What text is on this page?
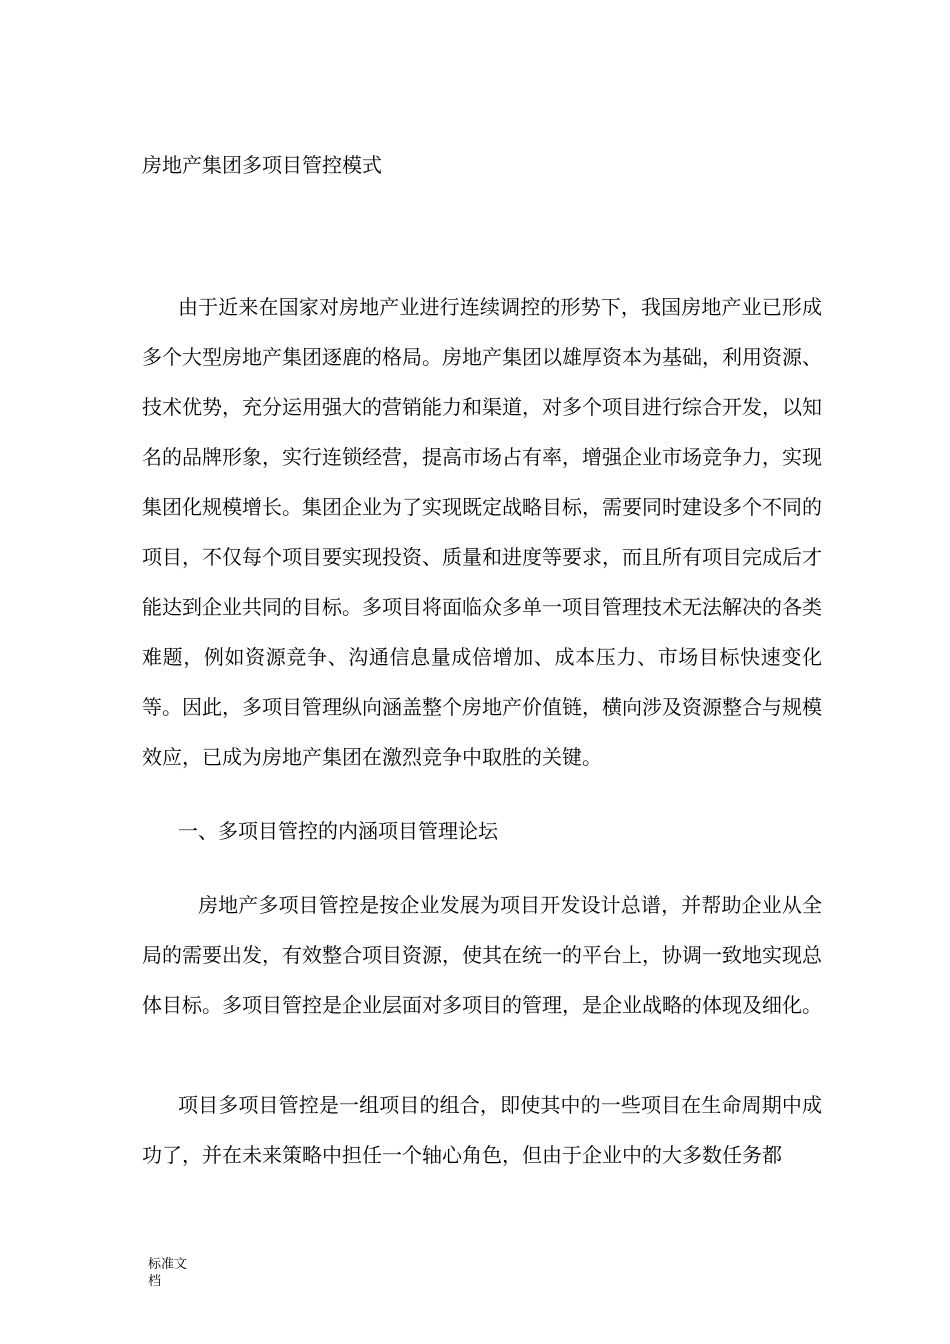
房地产集团多项目管控模式

由于近来在国家对房地产业进行连续调控的形势下，我国房地产业已形成多个大型房地产集团逐鹿的格局。房地产集团以雄厚资本为基础，利用资源、技术优势，充分运用强大的营销能力和渠道，对多个项目进行综合开发，以知名的品牌形象，实行连锁经营，提高市场占有率，增强企业市场竞争力，实现集团化规模增长。集团企业为了实现既定战略目标，需要同时建设多个不同的项目，不仅每个项目要实现投资、质量和进度等要求，而且所有项目完成后才能达到企业共同的目标。多项目将面临众多单一项目管理技术无法解决的各类难题，例如资源竞争、沟通信息量成倍增加、成本压力、市场目标快速变化等。因此，多项目管理纵向涵盖整个房地产价值链，横向涉及资源整合与规模效应，已成为房地产集团在激烈竞争中取胜的关键。

一、多项目管控的内涵项目管理论坛

房地产多项目管控是按企业发展为项目开发设计总谱，并帮助企业从全局的需要出发，有效整合项目资源，使其在统一的平台上，协调一致地实现总体目标。多项目管控是企业层面对多项目的管理，是企业战略的体现及细化。

项目多项目管控是一组项目的组合，即使其中的一些项目在生命周期中成功了，并在未来策略中担任一个轴心角色，但由于企业中的大多数任务都

标准文
档
